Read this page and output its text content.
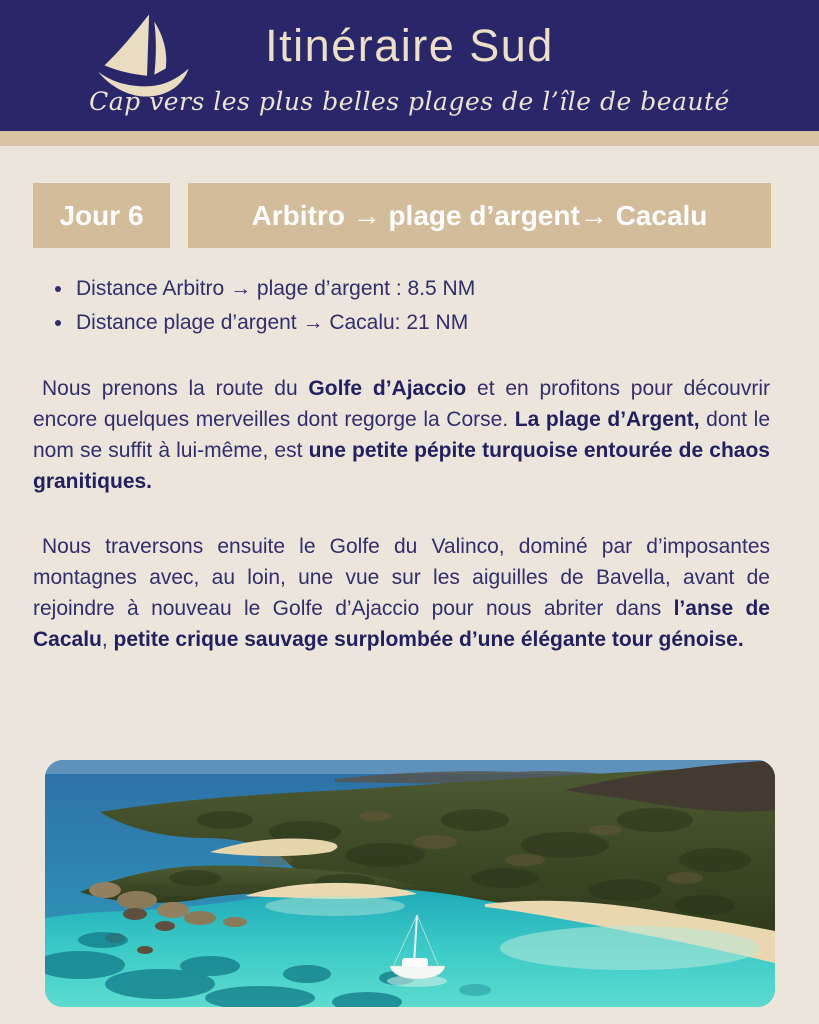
Itinéraire Sud
Cap vers les plus belles plages de l’île de beauté
Jour 6	Arbitro → plage d’argent→ Cacalu
• Distance Arbitro → plage d’argent : 8.5 NM
• Distance plage d’argent → Cacalu: 21 NM

Nous prenons la route du Golfe d’Ajaccio et en profitons pour découvrir encore quelques merveilles dont regorge la Corse. La plage d’Argent, dont le nom se suffit à lui-même, est une petite pépite turquoise entourée de chaos granitiques.

Nous traversons ensuite le Golfe du Valinco, dominé par d’imposantes montagnes avec, au loin, une vue sur les aiguilles de Bavella, avant de rejoindre à nouveau le Golfe d’Ajaccio pour nous abriter dans l’anse de Cacalu, petite crique sauvage surplombée d’une élégante tour génoise.
